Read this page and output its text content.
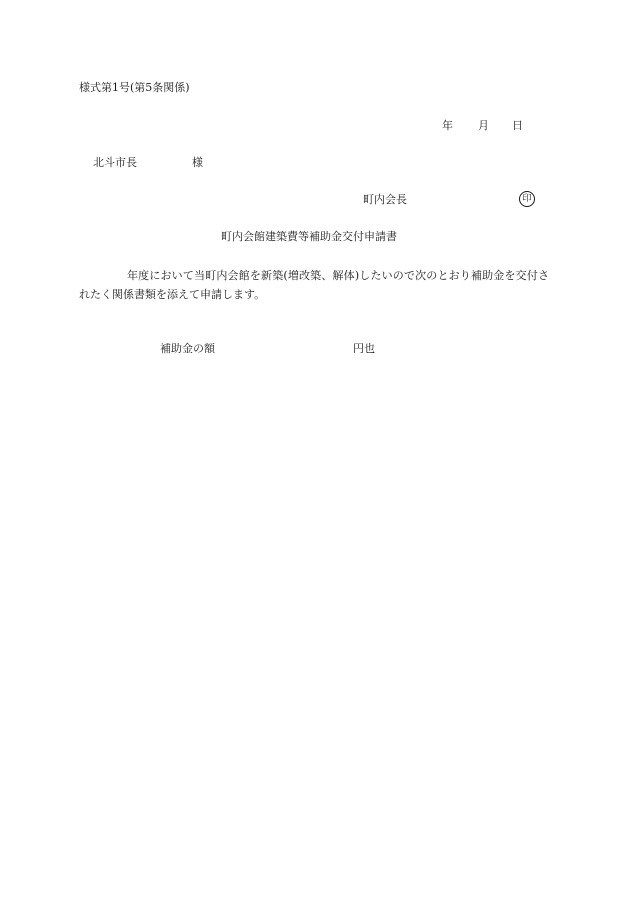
様式第1号(第5条関係)
年 月 日
北斗市長	様
町内会長	印
町内会館建築費等補助金交付申請書
年度において当町内会館を新築(増改築、解体)したいので次のとおり補助金を交付されたく関係書類を添えて申請します。
補助金の額	円也
